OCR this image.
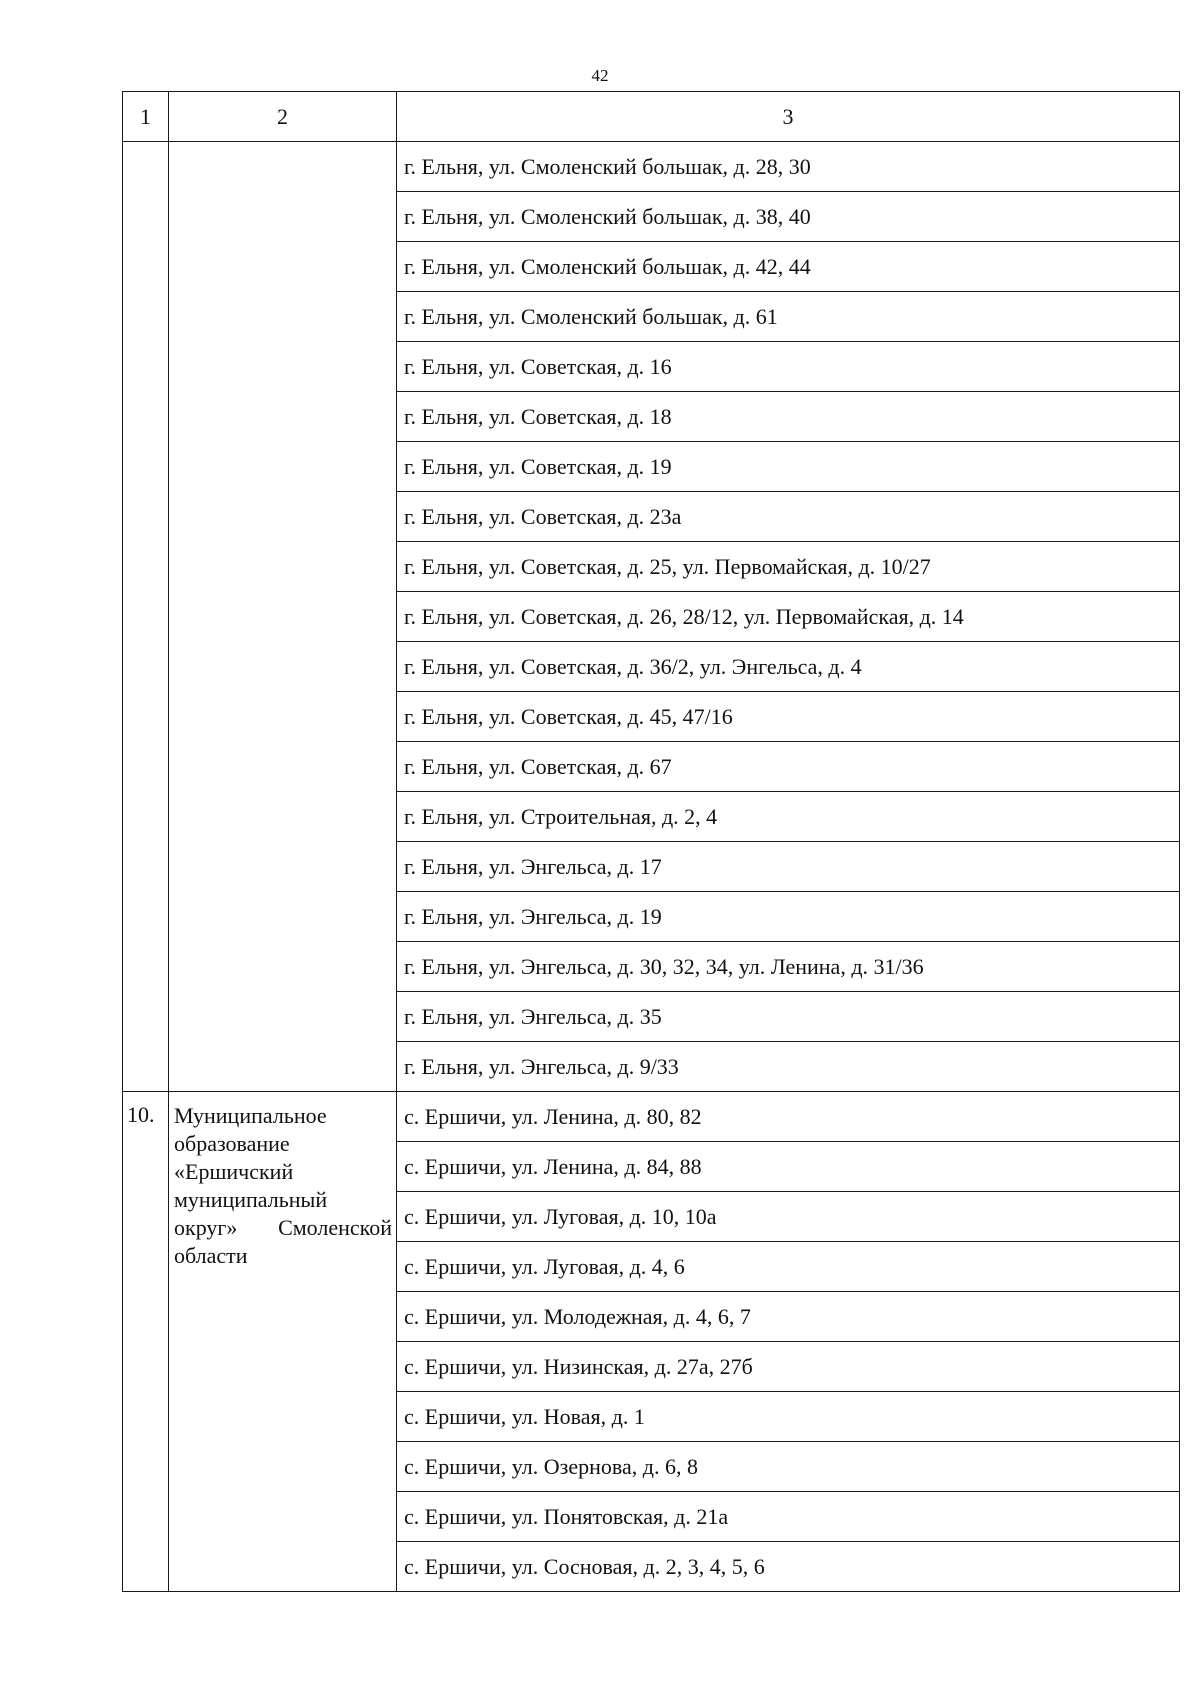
42
1	2	3
		г. Ельня, ул. Смоленский большак, д. 28, 30
		г. Ельня, ул. Смоленский большак, д. 38, 40
		г. Ельня, ул. Смоленский большак, д. 42, 44
		г. Ельня, ул. Смоленский большак, д. 61
		г. Ельня, ул. Советская, д. 16
		г. Ельня, ул. Советская, д. 18
		г. Ельня, ул. Советская, д. 19
		г. Ельня, ул. Советская, д. 23а
		г. Ельня, ул. Советская, д. 25, ул. Первомайская, д. 10/27
		г. Ельня, ул. Советская, д. 26, 28/12, ул. Первомайская, д. 14
		г. Ельня, ул. Советская, д. 36/2, ул. Энгельса, д. 4
		г. Ельня, ул. Советская, д. 45, 47/16
		г. Ельня, ул. Советская, д. 67
		г. Ельня, ул. Строительная, д. 2, 4
		г. Ельня, ул. Энгельса, д. 17
		г. Ельня, ул. Энгельса, д. 19
		г. Ельня, ул. Энгельса, д. 30, 32, 34, ул. Ленина, д. 31/36
		г. Ельня, ул. Энгельса, д. 35
		г. Ельня, ул. Энгельса, д. 9/33
10.	Муниципальное образование «Ершичский муниципальный округ» Смоленской области	с. Ершичи, ул. Ленина, д. 80, 82
		с. Ершичи, ул. Ленина, д. 84, 88
		с. Ершичи, ул. Луговая, д. 10, 10а
		с. Ершичи, ул. Луговая, д. 4, 6
		с. Ершичи, ул. Молодежная, д. 4, 6, 7
		с. Ершичи, ул. Низинская, д. 27а, 27б
		с. Ершичи, ул. Новая, д. 1
		с. Ершичи, ул. Озернова, д. 6, 8
		с. Ершичи, ул. Понятовская, д. 21а
		с. Ершичи, ул. Сосновая, д. 2, 3, 4, 5, 6
